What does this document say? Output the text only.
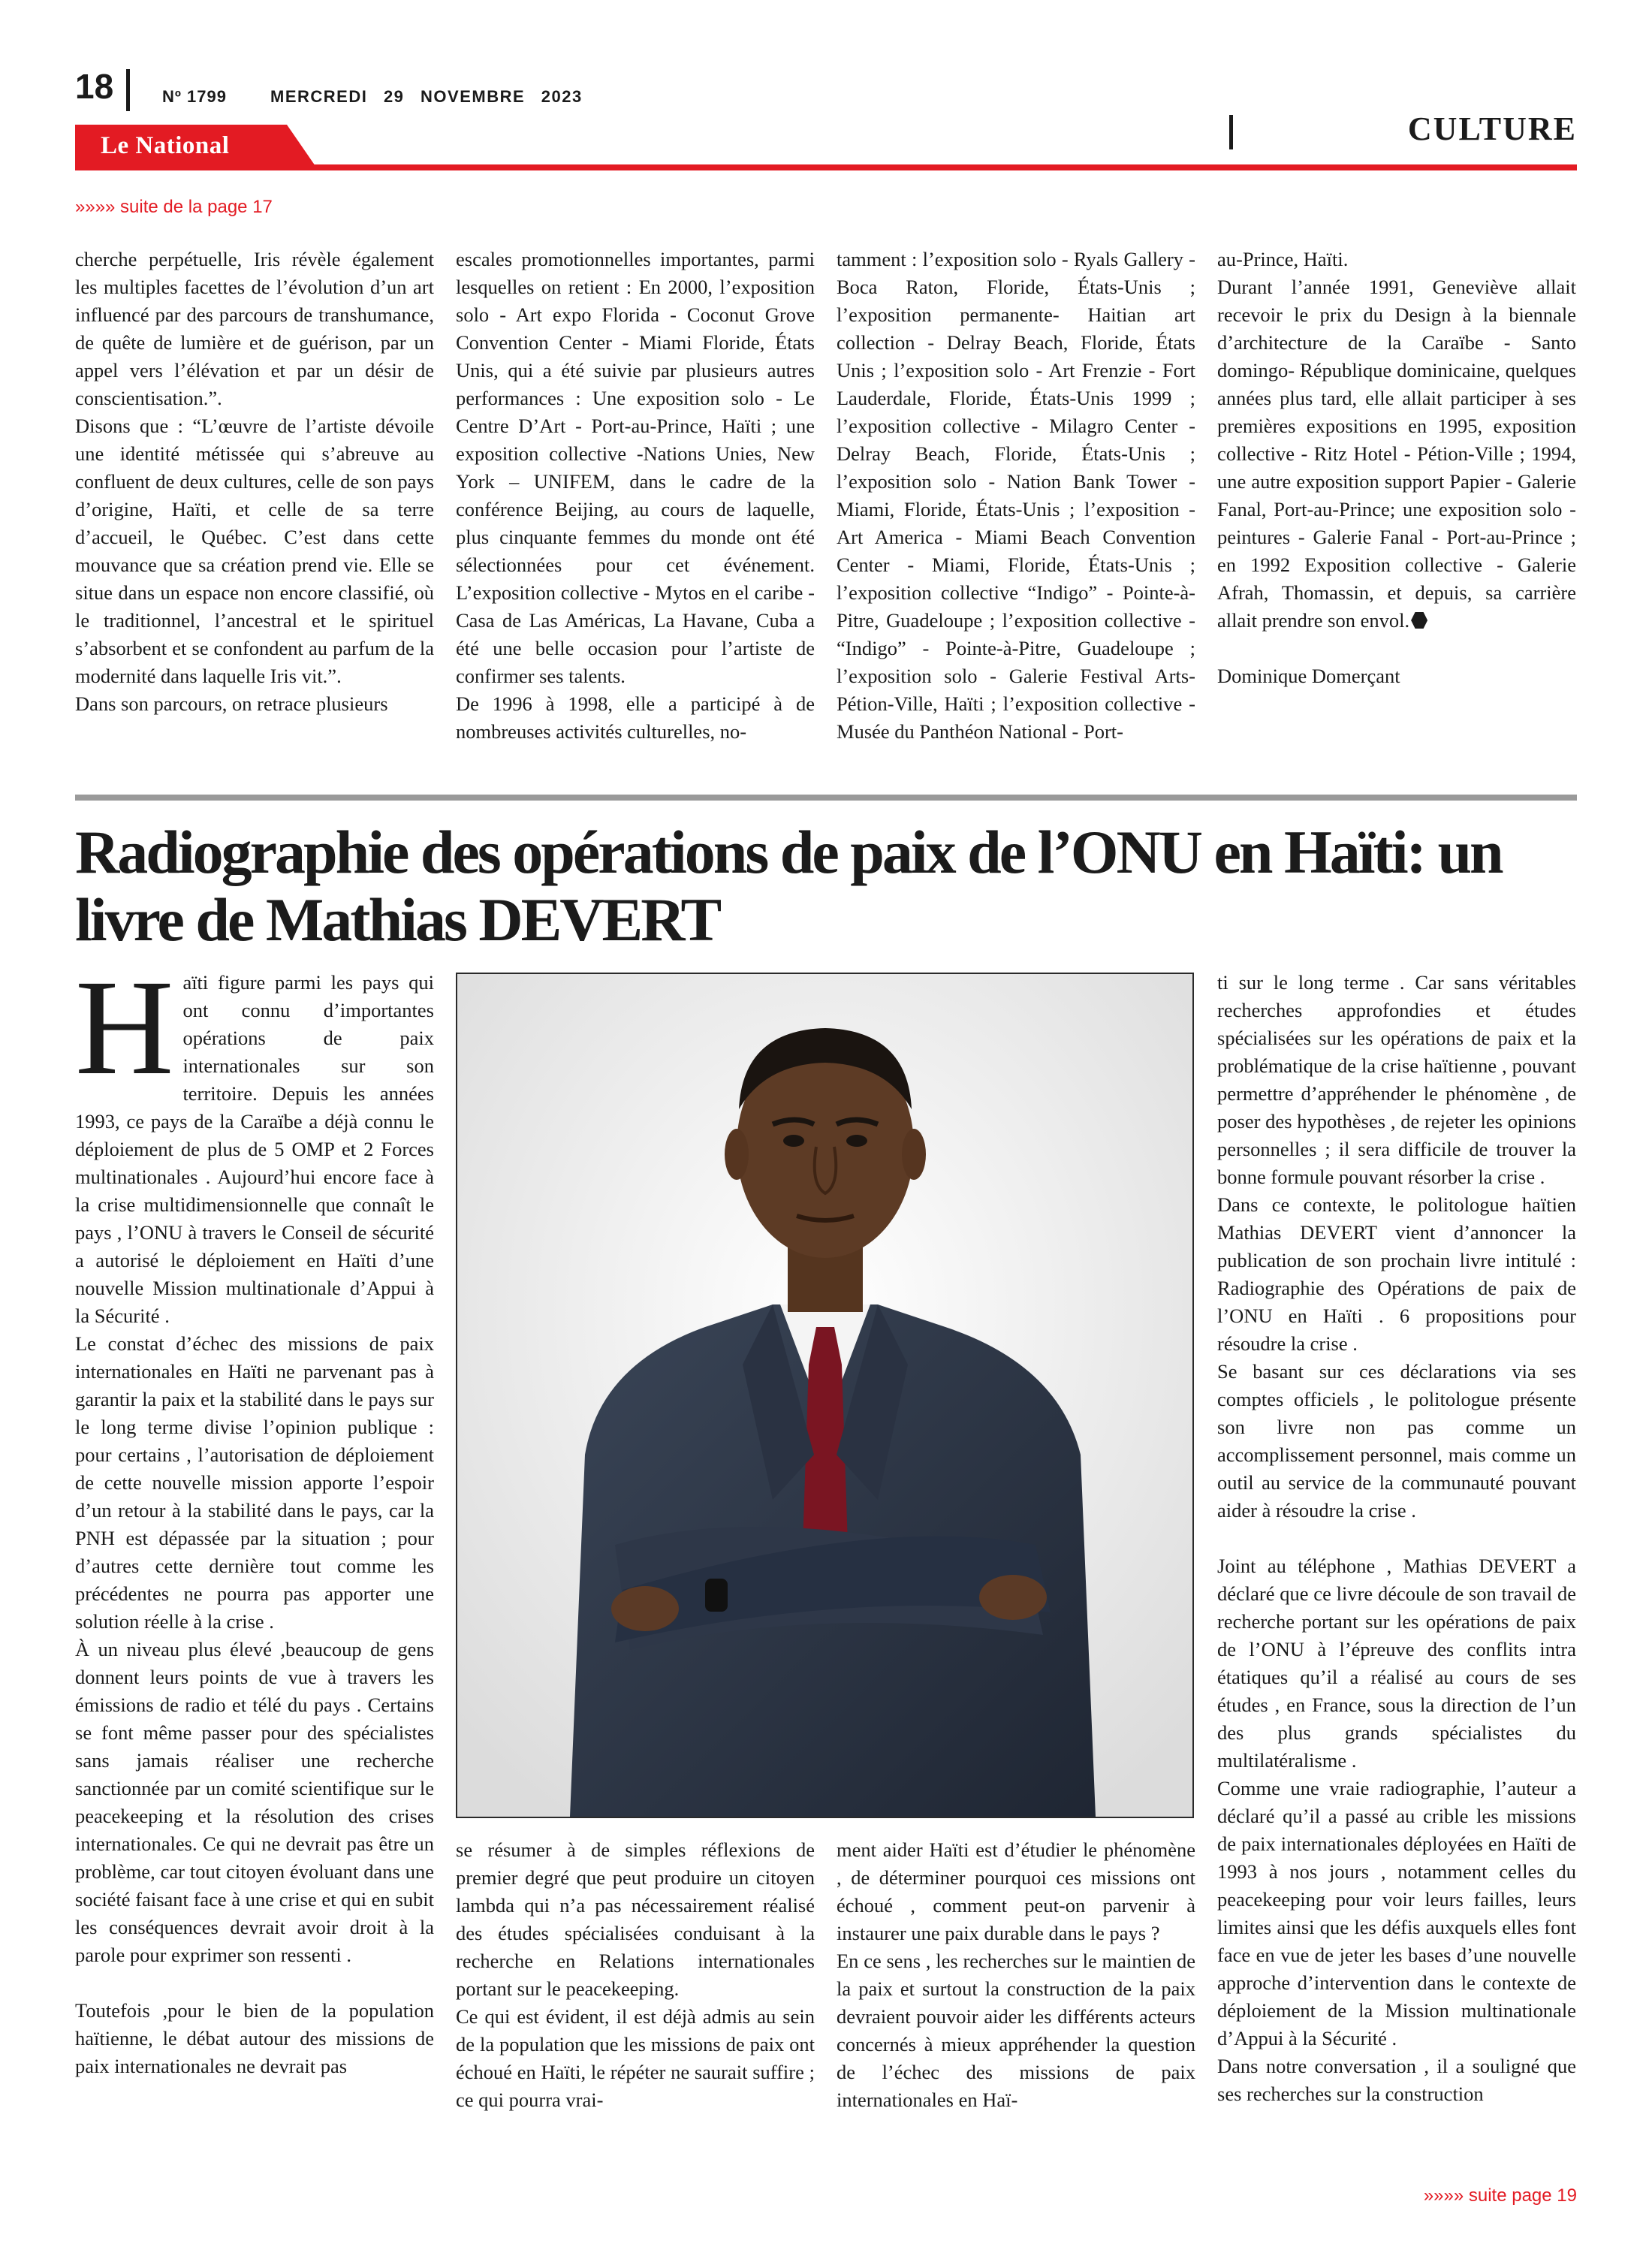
18	Nº 1799	MERCREDI 29 NOVEMBRE 2023
Le National	CULTURE
»»»» suite de la page 17

cherche perpétuelle, Iris révèle également les multiples facettes de l’évolution d’un art influencé par des parcours de transhumance, de quête de lumière et de guérison, par un appel vers l’élévation et par un désir de conscientisation.”.

Disons que : “L’œuvre de l’artiste dévoile une identité métissée qui s’abreuve au confluent de deux cultures, celle de son pays d’origine, Haïti, et celle de sa terre d’accueil, le Québec. C’est dans cette mouvance que sa création prend vie. Elle se situe dans un espace non encore classifié, où le traditionnel, l’ancestral et le spirituel s’absorbent et se confondent au parfum de la modernité dans laquelle Iris vit.”.

Dans son parcours, on retrace plusieurs

escales promotionnelles importantes, parmi lesquelles on retient : En 2000, l’exposition solo - Art expo Florida - Coconut Grove Convention Center - Miami Floride, États Unis, qui a été suivie par plusieurs autres performances : Une exposition solo - Le Centre D’Art - Port-au-Prince, Haïti ; une exposition collective -Nations Unies, New York – UNIFEM, dans le cadre de la conférence Beijing, au cours de laquelle, plus cinquante femmes du monde ont été sélectionnées pour cet événement. L’exposition collective - Mytos en el caribe - Casa de Las Américas, La Havane, Cuba a été une belle occasion pour l’artiste de confirmer ses talents.

De 1996 à 1998, elle a participé à de nombreuses activités culturelles, no-

tamment : l’exposition solo - Ryals Gallery - Boca Raton, Floride, États-Unis ; l’exposition permanente- Haitian art collection - Delray Beach, Floride, États Unis ; l’exposition solo - Art Frenzie - Fort Lauderdale, Floride, États-Unis 1999 ; l’exposition collective - Milagro Center - Delray Beach, Floride, États-Unis ; l’exposition solo - Nation Bank Tower - Miami, Floride, États-Unis ; l’exposition - Art America - Miami Beach Convention Center - Miami, Floride, États-Unis ; l’exposition collective “Indigo” - Pointe-à-Pitre, Guadeloupe ; l’exposition collective - “Indigo” - Pointe-à-Pitre, Guadeloupe ; l’exposition solo - Galerie Festival Arts- Pétion-Ville, Haïti ; l’exposition collective - Musée du Panthéon National - Port-

au-Prince, Haïti.

Durant l’année 1991, Geneviève allait recevoir le prix du Design à la biennale d’architecture de la Caraïbe - Santo domingo- République dominicaine, quelques années plus tard, elle allait participer à ses premières expositions en 1995, exposition collective - Ritz Hotel - Pétion-Ville ; 1994, une autre exposition support Papier - Galerie Fanal, Port-au-Prince; une exposition solo - peintures - Galerie Fanal - Port-au-Prince ; en 1992 Exposition collective - Galerie Afrah, Thomassin, et depuis, sa carrière allait prendre son envol.

Dominique Domerçant

Radiographie des opérations de paix de l’ONU en Haïti: un livre de Mathias DEVERT

Haïti figure parmi les pays qui ont connu d’importantes opérations de paix internationales sur son territoire. Depuis les années 1993, ce pays de la Caraïbe a déjà connu le déploiement de plus de 5 OMP et 2 Forces multinationales . Aujourd’hui encore face à la crise multidimensionnelle que connaît le pays , l’ONU à travers le Conseil de sécurité a autorisé le déploiement en Haïti d’une nouvelle Mission multinationale d’Appui à la Sécurité .

Le constat d’échec des missions de paix internationales en Haïti ne parvenant pas à garantir la paix et la stabilité dans le pays sur le long terme divise l’opinion publique : pour certains , l’autorisation de déploiement de cette nouvelle mission apporte l’espoir d’un retour à la stabilité dans le pays, car la PNH est dépassée par la situation ; pour d’autres cette dernière tout comme les précédentes ne pourra pas apporter une solution réelle à la crise .

À un niveau plus élevé ,beaucoup de gens donnent leurs points de vue à travers les émissions de radio et télé du pays . Certains se font même passer pour des spécialistes sans jamais réaliser une recherche sanctionnée par un comité scientifique sur le peacekeeping et la résolution des crises internationales. Ce qui ne devrait pas être un problème, car tout citoyen évoluant dans une société faisant face à une crise et qui en subit les conséquences devrait avoir droit à la parole pour exprimer son ressenti .

Toutefois ,pour le bien de la population haïtienne, le débat autour des missions de paix internationales ne devrait pas

se résumer à de simples réflexions de premier degré que peut produire un citoyen lambda qui n’a pas nécessairement réalisé des études spécialisées conduisant à la recherche en Relations internationales portant sur le peacekeeping.

Ce qui est évident, il est déjà admis au sein de la population que les missions de paix ont échoué en Haïti, le répéter ne saurait suffire ; ce qui pourra vrai-

ment aider Haïti est d’étudier le phénomène , de déterminer pourquoi ces missions ont échoué , comment peut-on parvenir à instaurer une paix durable dans le pays ?

En ce sens , les recherches sur le maintien de la paix et surtout la construction de la paix devraient pouvoir aider les différents acteurs concernés à mieux appréhender la question de l’échec des missions de paix internationales en Haï-

ti sur le long terme . Car sans véritables recherches approfondies et études spécialisées sur les opérations de paix et la problématique de la crise haïtienne , pouvant permettre d’appréhender le phénomène , de poser des hypothèses , de rejeter les opinions personnelles ; il sera difficile de trouver la bonne formule pouvant résorber la crise .

Dans ce contexte, le politologue haïtien Mathias DEVERT vient d’annoncer la publication de son prochain livre intitulé : Radiographie des Opérations de paix de l’ONU en Haïti . 6 propositions pour résoudre la crise .

Se basant sur ces déclarations via ses comptes officiels , le politologue présente son livre non pas comme un accomplissement personnel, mais comme un outil au service de la communauté pouvant aider à résoudre la crise .

Joint au téléphone , Mathias DEVERT a déclaré que ce livre découle de son travail de recherche portant sur les opérations de paix de l’ONU à l’épreuve des conflits intra étatiques qu’il a réalisé au cours de ses études , en France, sous la direction de l’un des plus grands spécialistes du multilatéralisme .

Comme une vraie radiographie, l’auteur a déclaré qu’il a passé au crible les missions de paix internationales déployées en Haïti de 1993 à nos jours , notamment celles du peacekeeping pour voir leurs failles, leurs limites ainsi que les défis auxquels elles font face en vue de jeter les bases d’une nouvelle approche d’intervention dans le contexte de déploiement de la Mission multinationale d’Appui à la Sécurité .

Dans notre conversation , il a souligné que ses recherches sur la construction

»»»» suite page 19
